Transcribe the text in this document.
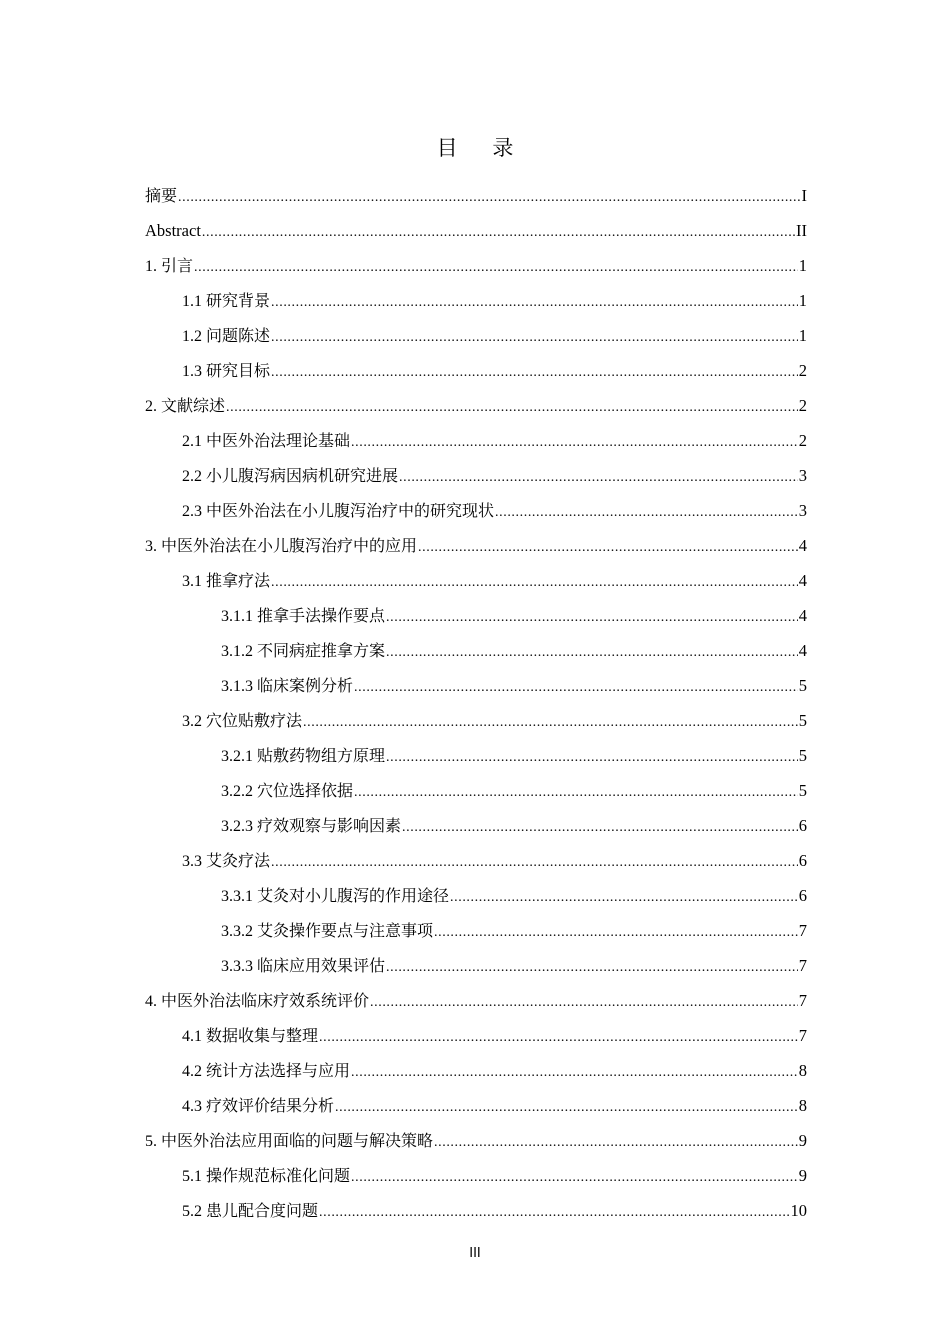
目 录
摘要 .....	I
Abstract .....	II
1. 引言 .....	1
1.1 研究背景 .....	1
1.2 问题陈述 .....	1
1.3 研究目标 .....	2
2. 文献综述 .....	2
2.1 中医外治法理论基础 .....	2
2.2 小儿腹泻病因病机研究进展 .....	3
2.3 中医外治法在小儿腹泻治疗中的研究现状 .....	3
3. 中医外治法在小儿腹泻治疗中的应用 .....	4
3.1 推拿疗法 .....	4
3.1.1 推拿手法操作要点 .....	4
3.1.2 不同病症推拿方案 .....	4
3.1.3 临床案例分析 .....	5
3.2 穴位贴敷疗法 .....	5
3.2.1 贴敷药物组方原理 .....	5
3.2.2 穴位选择依据 .....	5
3.2.3 疗效观察与影响因素 .....	6
3.3 艾灸疗法 .....	6
3.3.1 艾灸对小儿腹泻的作用途径 .....	6
3.3.2 艾灸操作要点与注意事项 .....	7
3.3.3 临床应用效果评估 .....	7
4. 中医外治法临床疗效系统评价 .....	7
4.1 数据收集与整理 .....	7
4.2 统计方法选择与应用 .....	8
4.3 疗效评价结果分析 .....	8
5. 中医外治法应用面临的问题与解决策略 .....	9
5.1 操作规范标准化问题 .....	9
5.2 患儿配合度问题 .....	10
III
